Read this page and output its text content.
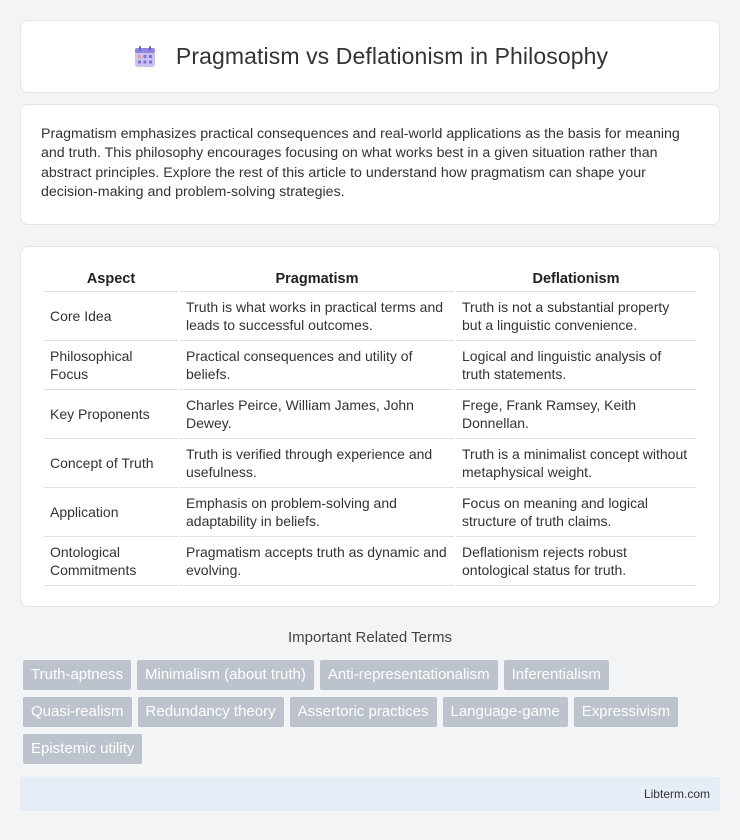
Pragmatism vs Deflationism in Philosophy

Pragmatism emphasizes practical consequences and real-world applications as the basis for meaning and truth. This philosophy encourages focusing on what works best in a given situation rather than abstract principles. Explore the rest of this article to understand how pragmatism can shape your decision-making and problem-solving strategies.

Aspect	Pragmatism	Deflationism
Core Idea	Truth is what works in practical terms and leads to successful outcomes.	Truth is not a substantial property but a linguistic convenience.
Philosophical Focus	Practical consequences and utility of beliefs.	Logical and linguistic analysis of truth statements.
Key Proponents	Charles Peirce, William James, John Dewey.	Frege, Frank Ramsey, Keith Donnellan.
Concept of Truth	Truth is verified through experience and usefulness.	Truth is a minimalist concept without metaphysical weight.
Application	Emphasis on problem-solving and adaptability in beliefs.	Focus on meaning and logical structure of truth claims.
Ontological Commitments	Pragmatism accepts truth as dynamic and evolving.	Deflationism rejects robust ontological status for truth.
Important Related Terms
Truth-aptness	Minimalism (about truth)	Anti-representationalism	Inferentialism
Quasi-realism	Redundancy theory	Assertoric practices	Language-game	Expressivism
Epistemic utility
Libterm.com
